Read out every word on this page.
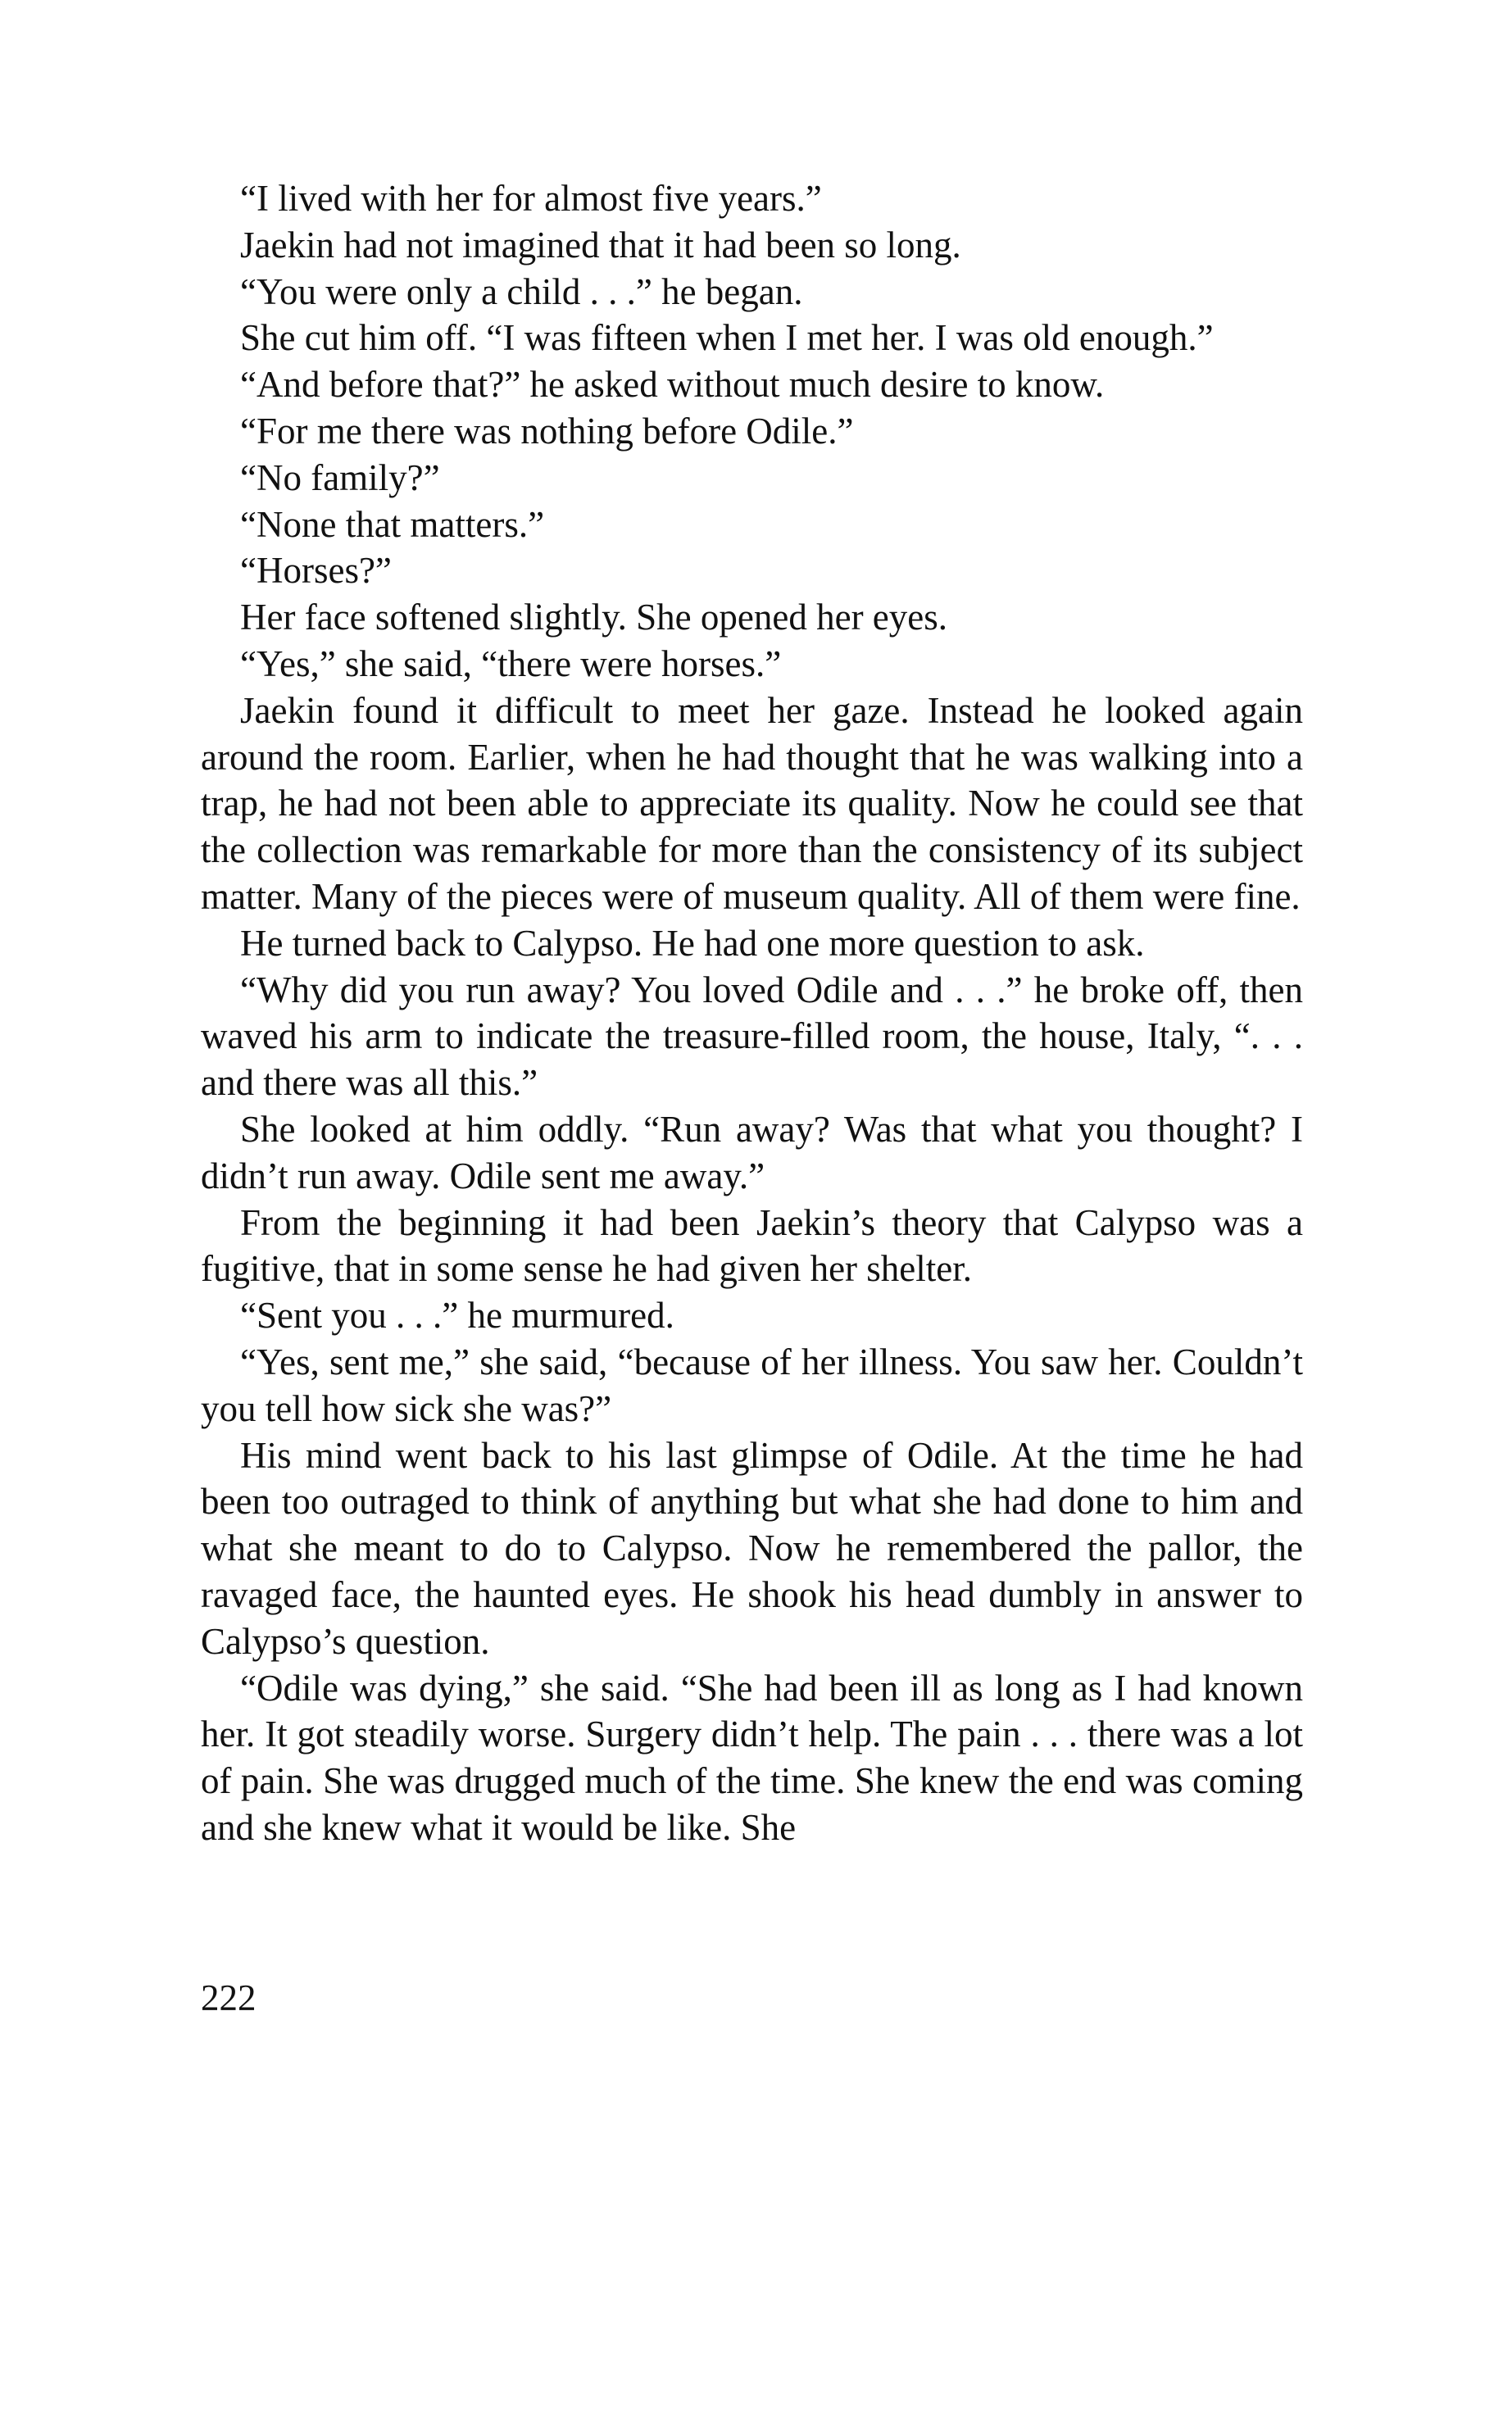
“I lived with her for almost five years.”

Jaekin had not imagined that it had been so long.

“You were only a child . . .” he began.

She cut him off. “I was fifteen when I met her. I was old enough.”

“And before that?” he asked without much desire to know.

“For me there was nothing before Odile.”

“No family?”

“None that matters.”

“Horses?”

Her face softened slightly. She opened her eyes.

“Yes,” she said, “there were horses.”

Jaekin found it difficult to meet her gaze. Instead he looked again around the room. Earlier, when he had thought that he was walking into a trap, he had not been able to appreciate its quality. Now he could see that the collection was remarkable for more than the consistency of its subject matter. Many of the pieces were of museum quality. All of them were fine.

He turned back to Calypso. He had one more question to ask.

“Why did you run away? You loved Odile and . . .” he broke off, then waved his arm to indicate the treasure-filled room, the house, Italy, “. . . and there was all this.”

She looked at him oddly. “Run away? Was that what you thought? I didn’t run away. Odile sent me away.”

From the beginning it had been Jaekin’s theory that Calypso was a fugitive, that in some sense he had given her shelter.

“Sent you . . .” he murmured.

“Yes, sent me,” she said, “because of her illness. You saw her. Couldn’t you tell how sick she was?”

His mind went back to his last glimpse of Odile. At the time he had been too outraged to think of anything but what she had done to him and what she meant to do to Calypso. Now he remembered the pallor, the ravaged face, the haunted eyes. He shook his head dumbly in answer to Calypso’s question.

“Odile was dying,” she said. “She had been ill as long as I had known her. It got steadily worse. Surgery didn’t help. The pain . . . there was a lot of pain. She was drugged much of the time. She knew the end was coming and she knew what it would be like. She

222
